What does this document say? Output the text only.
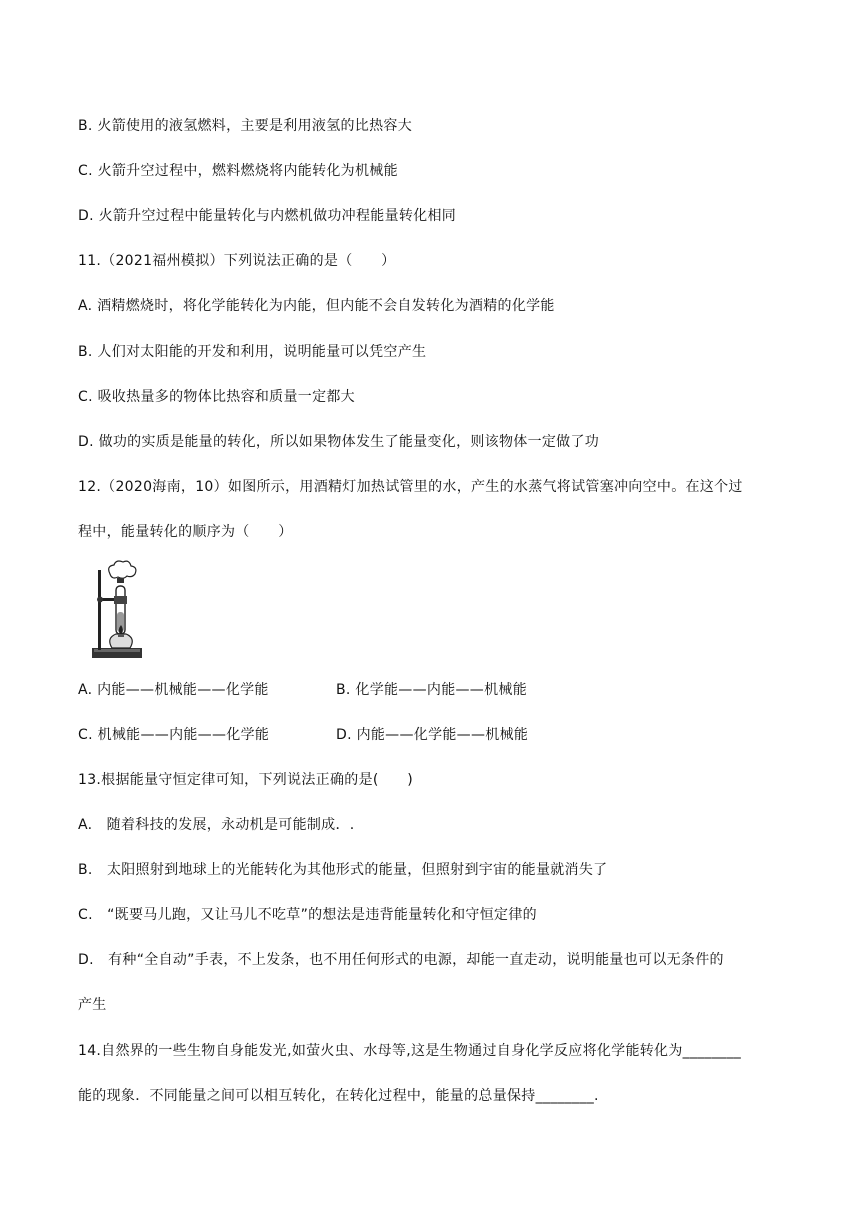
B. 火箭使用的液氢燃料，主要是利用液氢的比热容大
C. 火箭升空过程中，燃料燃烧将内能转化为机械能
D. 火箭升空过程中能量转化与内燃机做功冲程能量转化相同
11.（2021福州模拟）下列说法正确的是（　　）
A. 酒精燃烧时，将化学能转化为内能，但内能不会自发转化为酒精的化学能
B. 人们对太阳能的开发和利用，说明能量可以凭空产生
C. 吸收热量多的物体比热容和质量一定都大
D. 做功的实质是能量的转化，所以如果物体发生了能量变化，则该物体一定做了功
12.（2020海南，10）如图所示，用酒精灯加热试管里的水，产生的水蒸气将试管塞冲向空中。在这个过
程中，能量转化的顺序为（　　）
A. 内能——机械能——化学能	B. 化学能——内能——机械能
C. 机械能——内能——化学能	D. 内能——化学能——机械能
13.根据能量守恒定律可知，下列说法正确的是(　　)
A.　随着科技的发展，永动机是可能制成．.
B.　太阳照射到地球上的光能转化为其他形式的能量，但照射到宇宙的能量就消失了
C.　“既要马儿跑，又让马儿不吃草”的想法是违背能量转化和守恒定律的
D.　有种“全自动”手表，不上发条，也不用任何形式的电源，却能一直走动，说明能量也可以无条件的
产生
14.自然界的一些生物自身能发光,如萤火虫、水母等,这是生物通过自身化学反应将化学能转化为________
能的现象．不同能量之间可以相互转化，在转化过程中，能量的总量保持________.
